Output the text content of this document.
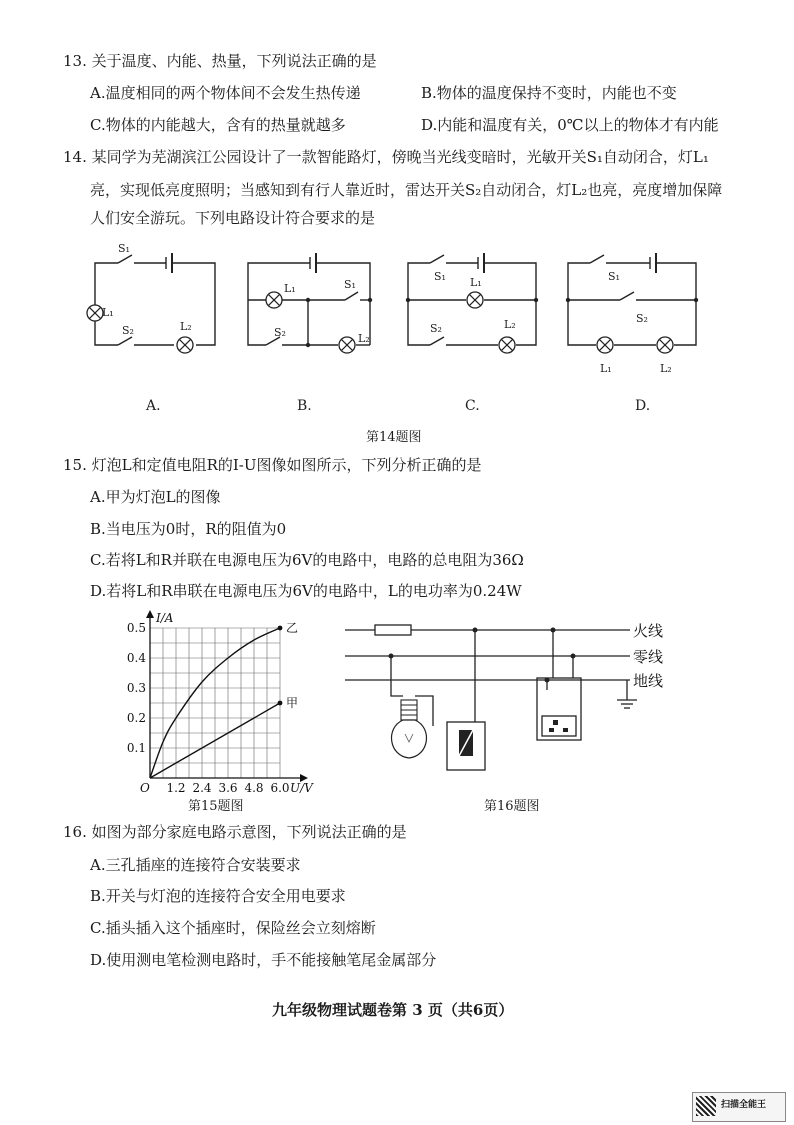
13. 关于温度、内能、热量，下列说法正确的是
A.温度相同的两个物体间不会发生热传递	B.物体的温度保持不变时，内能也不变
C.物体的内能越大，含有的热量就越多	D.内能和温度有关，0℃以上的物体才有内能
14. 某同学为芜湖滨江公园设计了一款智能路灯，傍晚当光线变暗时，光敏开关S₁自动闭合，灯L₁
亮，实现低亮度照明；当感知到有行人靠近时，雷达开关S₂自动闭合，灯L₂也亮，亮度增加保障
人们安全游玩。下列电路设计符合要求的是
S₁
L₁
S₂	L₂
L₁	S₁
S₂	L₂
S₁ L₁
S₂	L₂
S₁
S₂
L₁	L₂
A.	B.	C.	D.
第14题图
15. 灯泡L和定值电阻R的I-U图像如图所示，下列分析正确的是
A.甲为灯泡L的图像
B.当电压为0时，R的阻值为0
C.若将L和R并联在电源电压为6V的电路中，电路的总电阻为36Ω
D.若将L和R串联在电源电压为6V的电路中，L的电功率为0.24W
甲
乙
1.2 2.4 3.6 4.8 6.0
0.1
0.2
0.3
0.4
0.5
O	U/V
I/A
第15题图
火线
零线
地线
第16题图
16. 如图为部分家庭电路示意图，下列说法正确的是
A.三孔插座的连接符合安装要求
B.开关与灯泡的连接符合安全用电要求
C.插头插入这个插座时，保险丝会立刻熔断
D.使用测电笔检测电路时，手不能接触笔尾金属部分
九年级物理试题卷第 3 页（共6页）
扫描全能王
